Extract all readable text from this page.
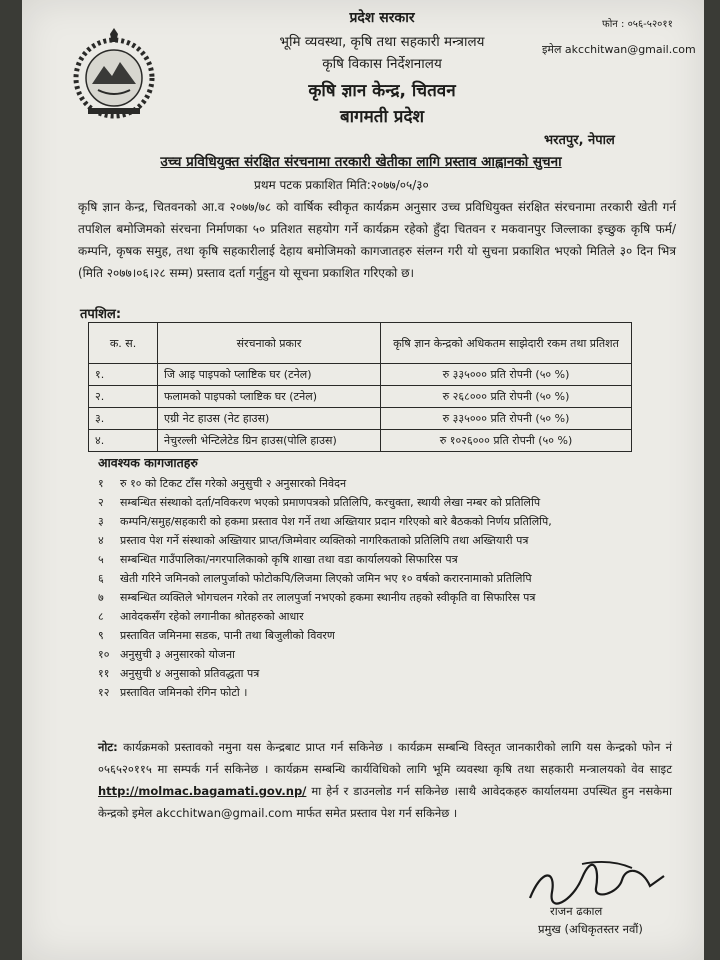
प्रदेश सरकार
भूमि व्यवस्था, कृषि तथा सहकारी मन्त्रालय
कृषि विकास निर्देशनालय
कृषि ज्ञान केन्द्र, चितवन
बागमती प्रदेश
फोन : ०५६-५२०११
इमेल akcchitwan@gmail.com
भरतपुर, नेपाल
उच्च प्रविधियुक्त संरक्षित संरचनामा तरकारी खेतीका लागि प्रस्ताव आह्वानको सुचना
प्रथम पटक प्रकाशित मिति:२०७७/०५/३०
कृषि ज्ञान केन्द्र, चितवनको आ.व २०७७/७८ को वार्षिक स्वीकृत कार्यक्रम अनुसार उच्च प्रविधियुक्त संरक्षित संरचनामा तरकारी खेती गर्न तपशिल बमोजिमको संरचना निर्माणका ५० प्रतिशत सहयोग गर्ने कार्यक्रम रहेको हुँदा चितवन र मकवानपुर जिल्लाका इच्छुक कृषि फर्म/कम्पनि, कृषक समुह, तथा कृषि सहकारीलाई देहाय बमोजिमको कागजातहरु संलग्न गरी यो सुचना प्रकाशित भएको मितिले ३० दिन भित्र (मिति २०७७।०६।२८ सम्म) प्रस्ताव दर्ता गर्नुहुन यो सूचना प्रकाशित गरिएको छ।
तपशिल:
क. स.	संरचनाको प्रकार	कृषि ज्ञान केन्द्रको अधिकतम साझेदारी रकम तथा प्रतिशत
१.	जि आइ पाइपको प्लाष्टिक घर (टनेल)	रु ३३५००० प्रति रोपनी (५० %)
२.	फलामको पाइपको प्लाष्टिक घर (टनेल)	रु २६८००० प्रति रोपनी (५० %)
३.	एग्री नेट हाउस (नेट हाउस)	रु ३३५००० प्रति रोपनी (५० %)
४.	नेचुरल्ली भेन्टिलेटेड ग्रिन हाउस(पोलि हाउस)	रु १०२६००० प्रति रोपनी (५० %)
आवश्यक कागजातहरु
१	रु १० को टिकट टाँस गरेको अनुसुची २ अनुसारको निवेदन
२	सम्बन्धित संस्थाको दर्ता/नविकरण भएको प्रमाणपत्रको प्रतिलिपि, करचुक्ता, स्थायी लेखा नम्बर को प्रतिलिपि
३	कम्पनि/समुह/सहकारी को हकमा प्रस्ताव पेश गर्ने तथा अख्तियार प्रदान गरिएको बारे बैठकको निर्णय प्रतिलिपि,
४	प्रस्ताव पेश गर्ने संस्थाको अख्तियार प्राप्त/जिम्मेवार व्यक्तिको नागरिकताको प्रतिलिपि तथा अख्तियारी पत्र
५	सम्बन्धित गाउँपालिका/नगरपालिकाको कृषि शाखा तथा वडा कार्यालयको सिफारिस पत्र
६	खेती गरिने जमिनको लालपुर्जाको फोटोकपि/लिजमा लिएको जमिन भए १० वर्षको करारनामाको प्रतिलिपि
७	सम्बन्धित व्यक्तिले भोगचलन गरेको तर लालपुर्जा नभएको हकमा स्थानीय तहको स्वीकृति वा सिफारिस पत्र
८	आवेदकसँग रहेको लगानीका श्रोतहरुको आधार
९	प्रस्तावित जमिनमा सडक, पानी तथा बिजुलीको विवरण
१० अनुसुची ३ अनुसारको योजना
११ अनुसुची ४ अनुसाको प्रतिवद्धता पत्र
१२ प्रस्तावित जमिनको रंगिन फोटो ।
नोट: कार्यक्रमको प्रस्तावको नमुना यस केन्द्रबाट प्राप्त गर्न सकिनेछ । कार्यक्रम सम्बन्धि विस्तृत जानकारीको लागि यस केन्द्रको फोन नं ०५६५२०११५ मा सम्पर्क गर्न सकिनेछ । कार्यक्रम सम्बन्धि कार्यविधिको लागि भूमि व्यवस्था कृषि तथा सहकारी मन्त्रालयको वेव साइट http://molmac.bagamati.gov.np/ मा हेर्न र डाउनलोड गर्न सकिनेछ ।साथै आवेदकहरु कार्यालयमा उपस्थित हुन नसकेमा केन्द्रको इमेल akcchitwan@gmail.com मार्फत समेत प्रस्ताव पेश गर्न सकिनेछ ।
राजन ढकाल
प्रमुख (अधिकृतस्तर नवौं)
